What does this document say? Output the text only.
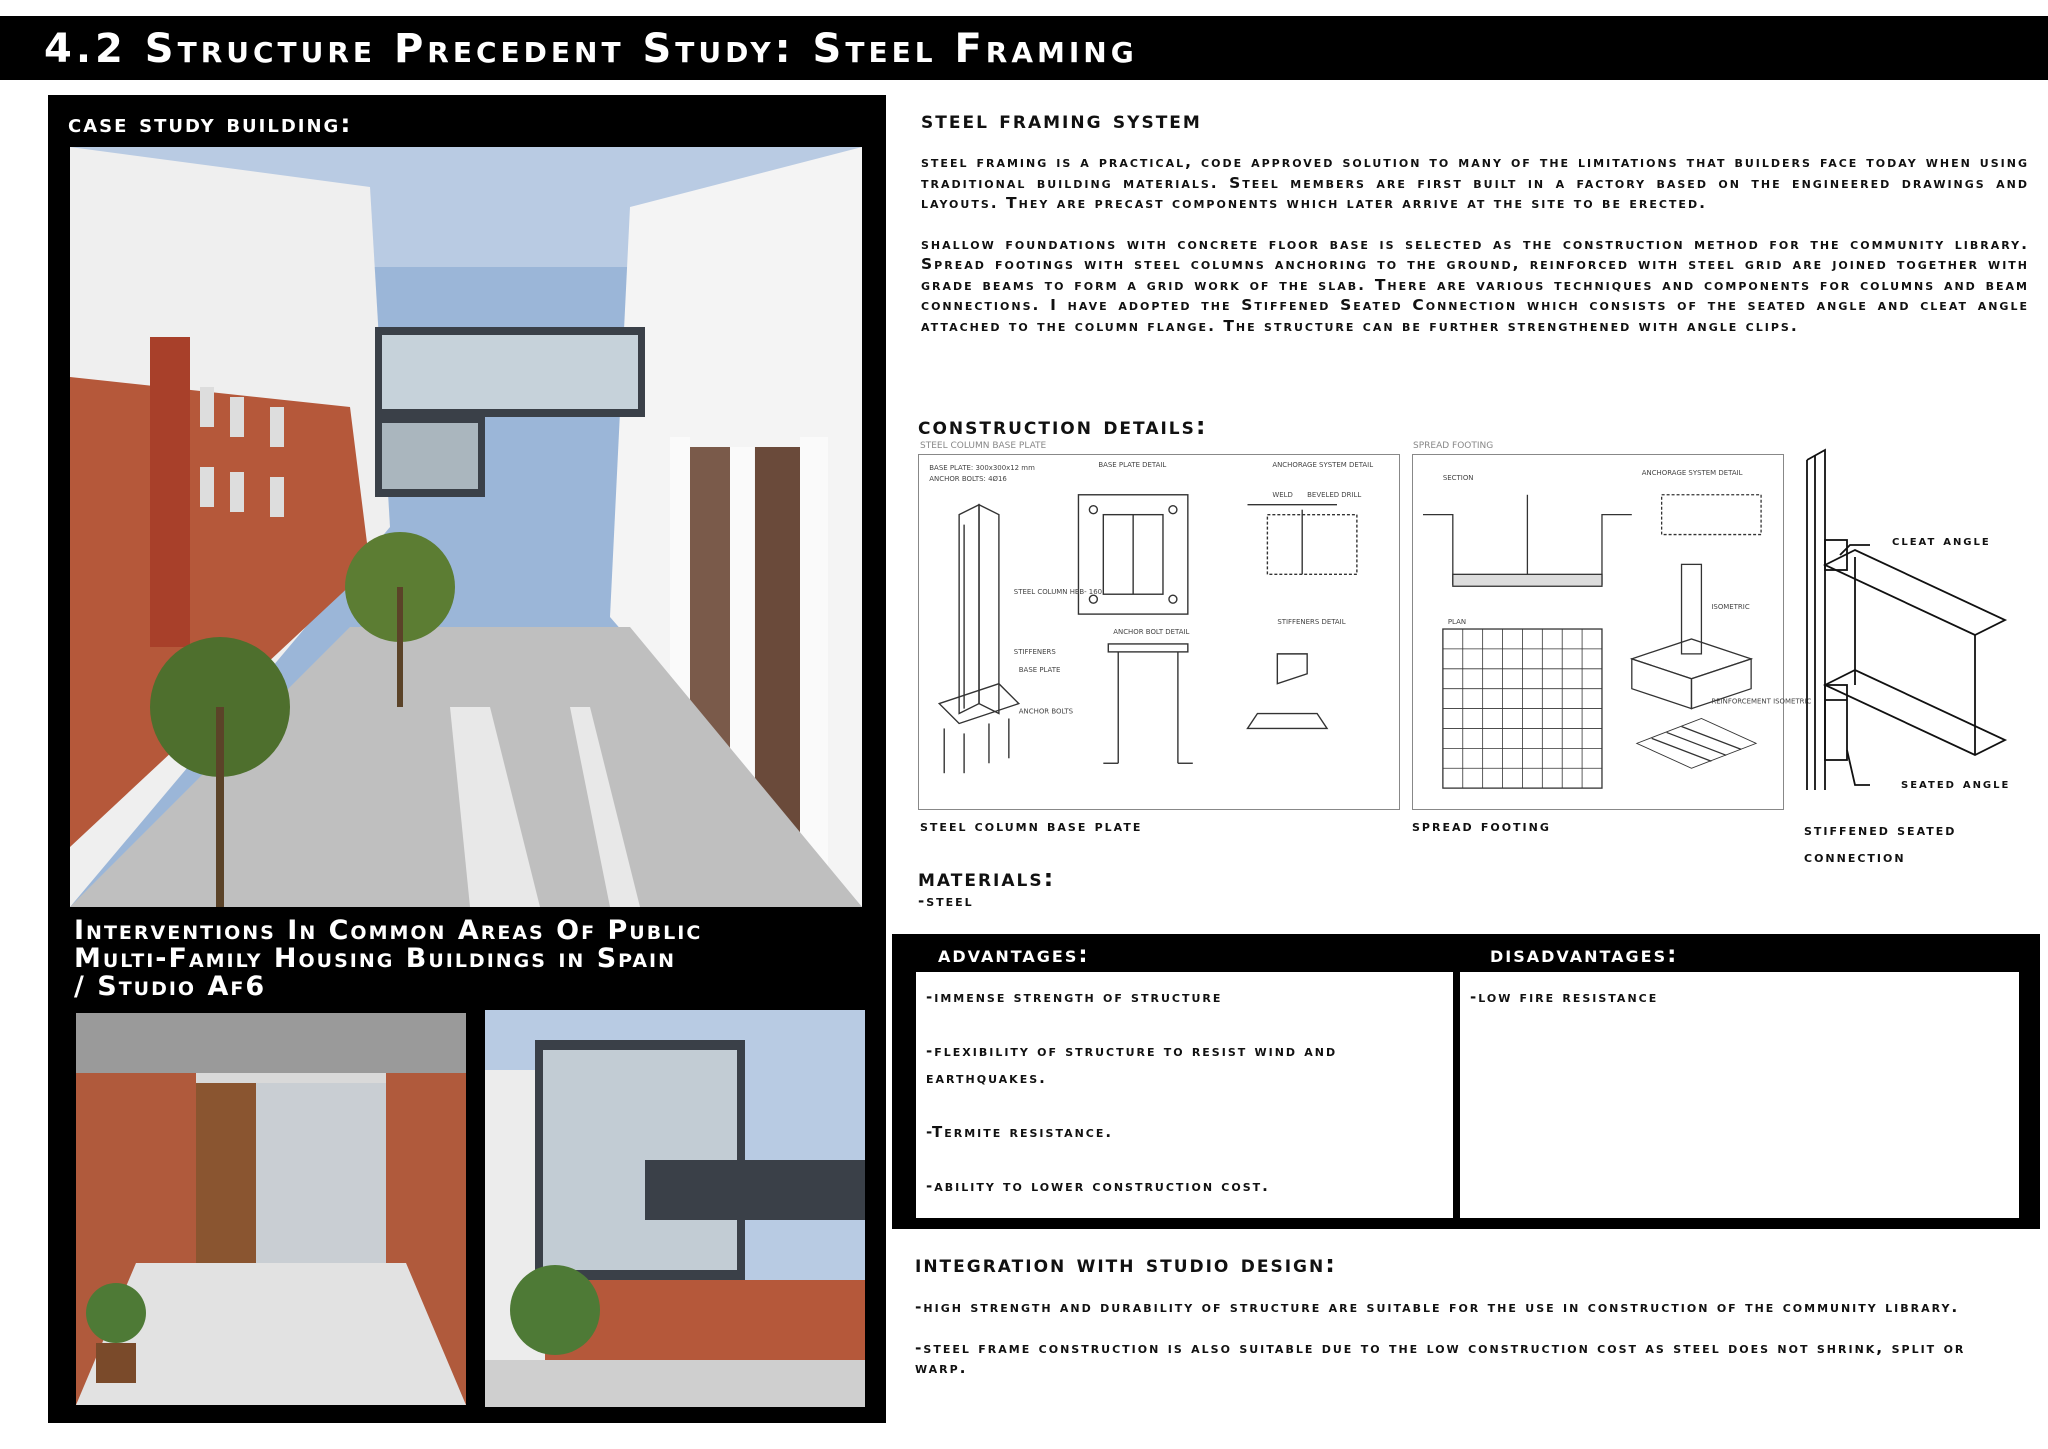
4.2 Structure Precedent Study: Steel Framing
case study building:
Interventions In Common Areas Of Public
Multi-Family Housing Buildings in Spain
/ Studio Af6
steel framing system

steel framing is a practical, code approved solution to many of the limitations that builders face today when using traditional building materials. Steel members are first built in a factory based on the engineered drawings and layouts. They are precast components which later arrive at the site to be erected.

shallow foundations with concrete floor base is selected as the construction method for the community library. Spread footings with steel columns anchoring to the ground, reinforced with steel grid are joined together with grade beams to form a grid work of the slab. There are various techniques and components for columns and beam connections. I have adopted the Stiffened Seated Connection which consists of the seated angle and cleat angle attached to the column flange. The structure can be further strengthened with angle clips.

construction details:
STEEL COLUMN BASE PLATE
BASE PLATE: 300x300x12 mm
ANCHOR BOLTS: 4Ø16
BASE PLATE DETAIL	ANCHORAGE SYSTEM DETAIL
ANCHOR BOLT DETAIL
STIFFENERS DETAIL
STEEL COLUMN HEB- 160
STIFFENERS
BASE PLATE
ANCHOR BOLTS
WELD BEVELED DRILL
steel column base plate
SPREAD FOOTING
SECTION
PLAN
ANCHORAGE SYSTEM DETAIL
ISOMETRIC
REINFORCEMENT ISOMETRIC
spread footing
cleat angle
seated angle
stiffened seated
connection
materials:
-steel
advantages:	disadvantages:
-immense strength of structure
-flexibility of structure to resist wind and earthquakes.
-Termite resistance.
-ability to lower construction cost.
-low fire resistance
integration with studio design:

-high strength and durability of structure are suitable for the use in construction of the community library.

-steel frame construction is also suitable due to the low construction cost as steel does not shrink, split or warp.
